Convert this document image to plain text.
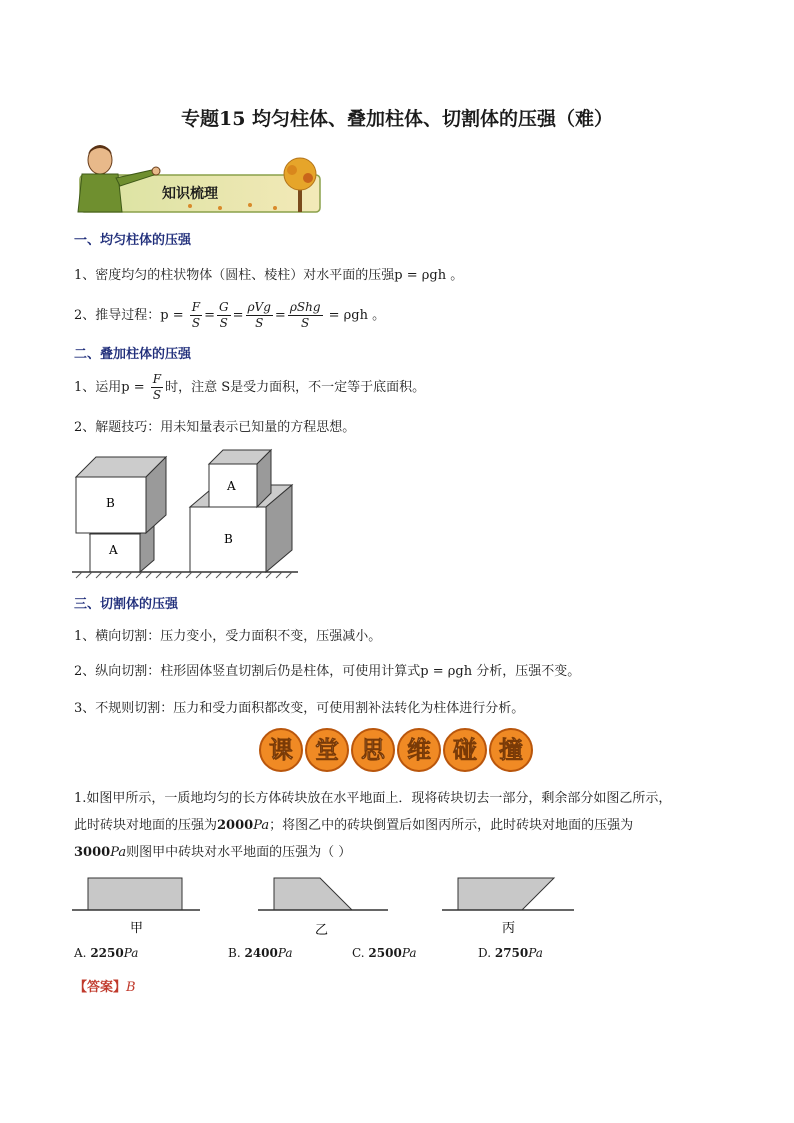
专题15 均匀柱体、叠加柱体、切割体的压强（难）
知识梳理
一、均匀柱体的压强
1、密度均匀的柱状物体（圆柱、棱柱）对水平面的压强p = ρgh 。
2、推导过程：$p = \frac{F}{S} = \frac{G}{S} = \frac{\text{ρVg}}{S} = \frac{\text{ρShg}}{S} = \rho gh$ 。
二、叠加柱体的压强
1、运用$p = \frac{F}{S}$ 时，注意 S是受力面积，不一定等于底面积。
2、解题技巧：用未知量表示已知量的方程思想。
B
A
A
B
三、切割体的压强
1、横向切割：压力变小，受力面积不变，压强减小。
2、纵向切割：柱形固体竖直切割后仍是柱体，可使用计算式p = ρgh 分析，压强不变。
3、不规则切割：压力和受力面积都改变，可使用割补法转化为柱体进行分析。
课 堂 思 维 碰 撞
1.如图甲所示，一质地均匀的长方体砖块放在水平地面上．现将砖块切去一部分，剩余部分如图乙所示，
此时砖块对地面的压强为2000Pa；将图乙中的砖块倒置后如图丙所示，此时砖块对地面的压强为
3000Pa则图甲中砖块对水平地面的压强为（ ）
甲	乙	丙
A. 2250Pa	B. 2400Pa	C. 2500Pa	D. 2750Pa
【答案】B
